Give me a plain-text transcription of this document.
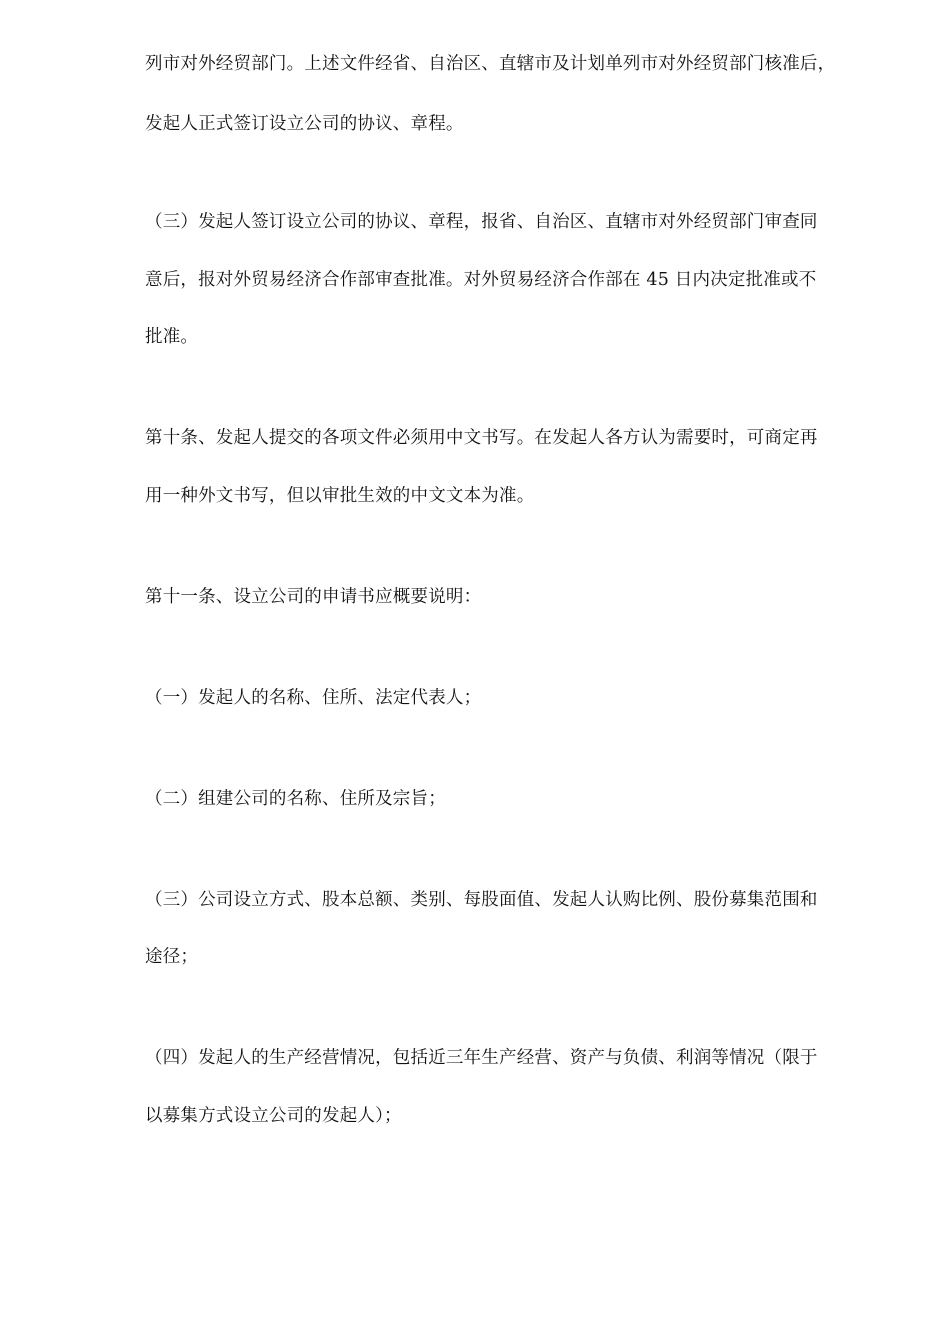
列市对外经贸部门。上述文件经省、自治区、直辖市及计划单列市对外经贸部门核准后，
发起人正式签订设立公司的协议、章程。
（三）发起人签订设立公司的协议、章程，报省、自治区、直辖市对外经贸部门审查同
意后，报对外贸易经济合作部审查批准。对外贸易经济合作部在 45 日内决定批准或不
批准。
第十条、发起人提交的各项文件必须用中文书写。在发起人各方认为需要时，可商定再
用一种外文书写，但以审批生效的中文文本为准。
第十一条、设立公司的申请书应概要说明：
（一）发起人的名称、住所、法定代表人；
（二）组建公司的名称、住所及宗旨；
（三）公司设立方式、股本总额、类别、每股面值、发起人认购比例、股份募集范围和
途径；
（四）发起人的生产经营情况，包括近三年生产经营、资产与负债、利润等情况（限于
以募集方式设立公司的发起人）；
